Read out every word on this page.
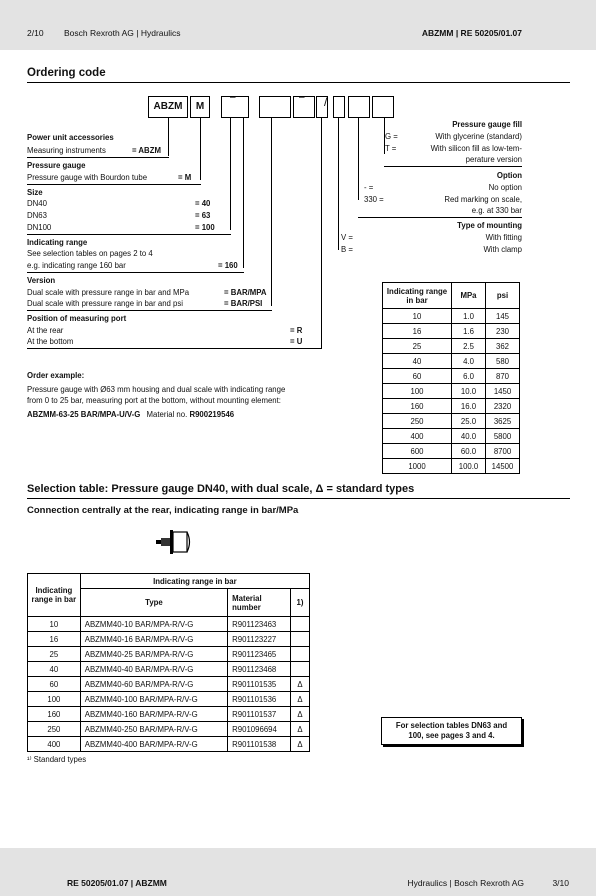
2/10 Bosch Rexroth AG | Hydraulics	ABZMM | RE 50205/01.07
Ordering code
ABZM	M
–	– /
Power unit accessories
Measuring instruments	= ABZM
Pressure gauge
Pressure gauge with Bourdon tube	= M
Size
DN40	= 40
DN63	= 63
DN100	= 100
Indicating range
See selection tables on pages 2 to 4
e.g. indicating range 160 bar	= 160
Version
Dual scale with pressure range in bar and MPa	= BAR/MPA
Dual scale with pressure range in bar and psi	= BAR/PSI
Position of measuring port
At the rear	= R
At the bottom	= U
Pressure gauge fill
G =	With glycerine (standard)
T =	With silicon fill as low-tem-
perature version
Option
- =	No option
330 =	Red marking on scale,
e.g. at 330 bar
Type of mounting
V =	With fitting
B =	With clamp
Indicating range in bar	MPa	psi
10	1.0	145
16	1.6	230
25	2.5	362
40	4.0	580
60	6.0	870
100	10.0	1450
160	16.0	2320
250	25.0	3625
400	40.0	5800
600	60.0	8700
1000	100.0	14500
Order example:
Pressure gauge with Ø63 mm housing and dual scale with indicating range
from 0 to 25 bar, measuring port at the bottom, without mounting element:
ABZMM-63-25 BAR/MPA-U/V-G Material no. R900219546
Selection table: Pressure gauge DN40, with dual scale, Δ = standard types
Connection centrally at the rear, indicating range in bar/MPa
Indicating range in bar	Indicating range in bar		
	Type	Material number	1)
10	ABZMM40-10 BAR/MPA-R/V-G	R901123463	
16	ABZMM40-16 BAR/MPA-R/V-G	R901123227	
25	ABZMM40-25 BAR/MPA-R/V-G	R901123465	
40	ABZMM40-40 BAR/MPA-R/V-G	R901123468	
60	ABZMM40-60 BAR/MPA-R/V-G	R901101535	Δ
100	ABZMM40-100 BAR/MPA-R/V-G	R901101536	Δ
160	ABZMM40-160 BAR/MPA-R/V-G	R901101537	Δ
250	ABZMM40-250 BAR/MPA-R/V-G	R901096694	Δ
400	ABZMM40-400 BAR/MPA-R/V-G	R901101538	Δ
¹⁾ Standard types
For selection tables DN63 and 100, see pages 3 and 4.
RE 50205/01.07 | ABZMM	Hydraulics | Bosch Rexroth AG	3/10
